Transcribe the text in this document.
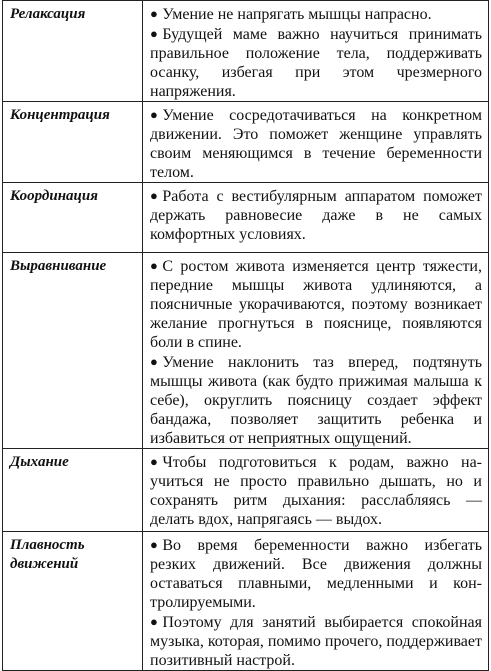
Релаксация	● Умение не напрягать мышцы напрасно.
● Будущей маме важно научиться принимать правильное положение тела, поддерживать осанку, избегая при этом чрезмерного напряжения.

Концентрация	● Умение сосредотачиваться на конкретном движении. Это поможет женщине управлять своим меняющимся в течение беременности телом.

Координация	● Работа с вестибулярным аппаратом поможет держать равновесие даже в не самых комфортных условиях.

Выравнивание	● С ростом живота изменяется центр тяжести, передние мышцы живота удлиняются, а поясничные укорачиваются, поэтому возникает желание прогнуться в пояснице, появляются боли в спине.
● Умение наклонить таз вперед, подтянуть мышцы живота (как будто прижимая малыша к себе), округлить поясницу создает эффект бандажа, позволяет защитить ребенка и избавиться от неприятных ощущений.

Дыхание	● Чтобы подготовиться к родам, важно научиться не просто правильно дышать, но и сохранять ритм дыхания: расслабляясь — делать вдох, напрягаясь — выдох.

Плавность движений	● Во время беременности важно избегать резких движений. Все движения должны оставаться плавными, медленными и контролируемыми.
● Поэтому для занятий выбирается спокойная музыка, которая, помимо прочего, поддерживает позитивный настрой.
